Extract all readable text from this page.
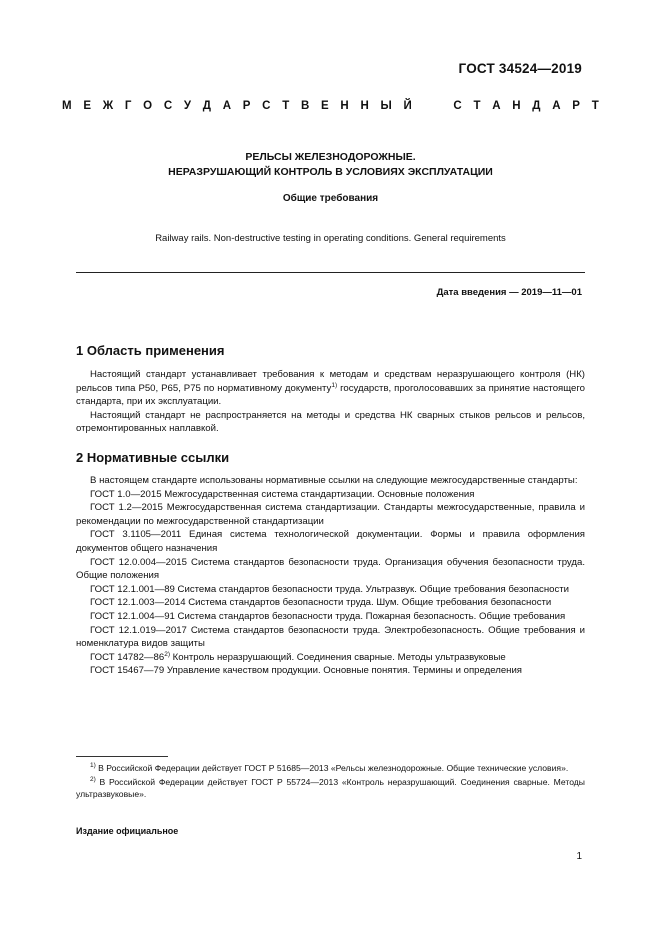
ГОСТ 34524—2019
М Е Ж Г О С У Д А Р С Т В Е Н Н Ы Й

	С Т А Н Д А Р Т
РЕЛЬСЫ ЖЕЛЕЗНОДОРОЖНЫЕ.
НЕРАЗРУШАЮЩИЙ КОНТРОЛЬ В УСЛОВИЯХ ЭКСПЛУАТАЦИИ
Общие требования
Railway rails. Non-destructive testing in operating conditions. General requirements
Дата введения — 2019—11—01
1 Область применения

Настоящий стандарт устанавливает требования к методам и средствам неразрушающего контроля (НК) рельсов типа Р50, Р65, Р75 по нормативному документу$^{1)}$ государств, проголосовавших за принятие настоящего стандарта, при их эксплуатации.

Настоящий стандарт не распространяется на методы и средства НК сварных стыков рельсов и рельсов, отремонтированных наплавкой.

2 Нормативные ссылки

В настоящем стандарте использованы нормативные ссылки на следующие межгосударственные стандарты:

ГОСТ 1.0—2015 Межгосударственная система стандартизации. Основные положения

ГОСТ 1.2—2015 Межгосударственная система стандартизации. Стандарты межгосударственные, правила и рекомендации по межгосударственной стандартизации

ГОСТ 3.1105—2011 Единая система технологической документации. Формы и правила оформления документов общего назначения

ГОСТ 12.0.004—2015 Система стандартов безопасности труда. Организация обучения безопасности труда. Общие положения

ГОСТ 12.1.001—89 Система стандартов безопасности труда. Ультразвук. Общие требования безопасности

ГОСТ 12.1.003—2014 Система стандартов безопасности труда. Шум. Общие требования безопасности

ГОСТ 12.1.004—91 Система стандартов безопасности труда. Пожарная безопасность. Общие требования

ГОСТ 12.1.019—2017 Система стандартов безопасности труда. Электробезопасность. Общие требования и номенклатура видов защиты

ГОСТ 14782—86$^{2)}$ Контроль неразрушающий. Соединения сварные. Методы ультразвуковые

ГОСТ 15467—79 Управление качеством продукции. Основные понятия. Термины и определения

$^{1)}$ В Российской Федерации действует ГОСТ Р 51685—2013 «Рельсы железнодорожные. Общие технические условия».

$^{2)}$ В Российской Федерации действует ГОСТ Р 55724—2013 «Контроль неразрушающий. Соединения сварные. Методы ультразвуковые».

Издание официальное
1
